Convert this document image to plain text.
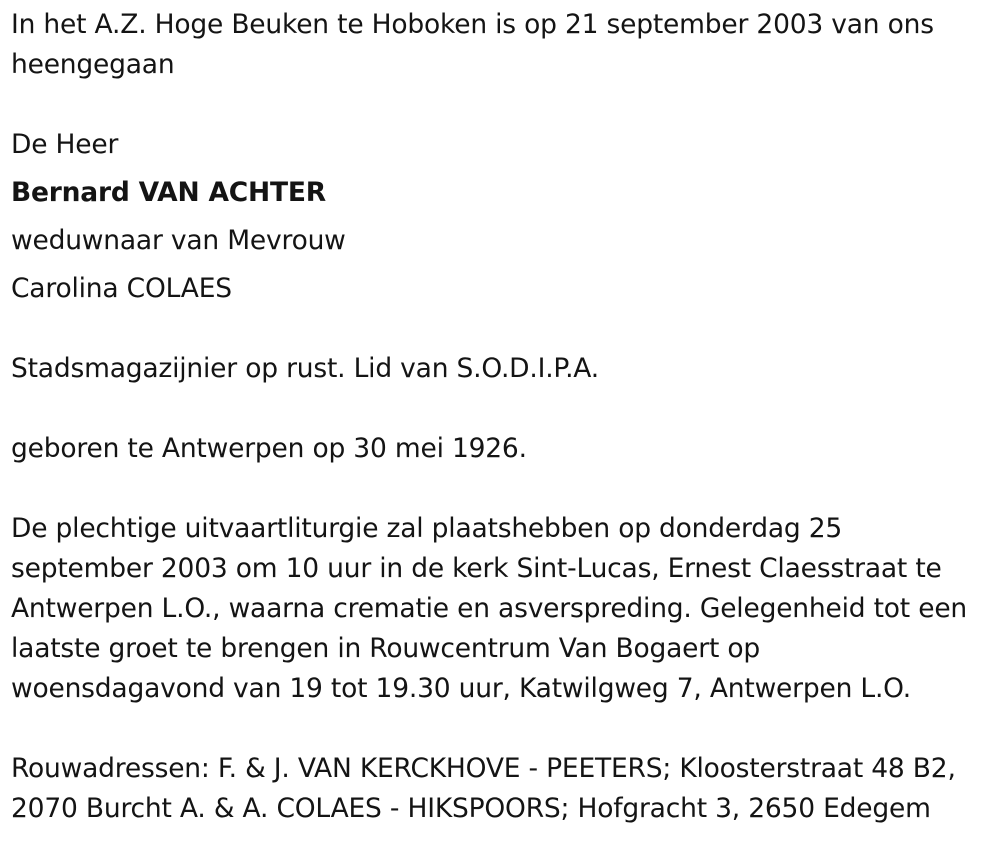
In het A.Z. Hoge Beuken te Hoboken is op 21 september 2003 van ons
heengegaan

De Heer

Bernard VAN ACHTER

weduwnaar van Mevrouw

Carolina COLAES

Stadsmagazijnier op rust. Lid van S.O.D.I.P.A.

geboren te Antwerpen op 30 mei 1926.

De plechtige uitvaartliturgie zal plaatshebben op donderdag 25
september 2003 om 10 uur in de kerk Sint-Lucas, Ernest Claesstraat te
Antwerpen L.O., waarna crematie en asverspreding. Gelegenheid tot een
laatste groet te brengen in Rouwcentrum Van Bogaert op
woensdagavond van 19 tot 19.30 uur, Katwilgweg 7, Antwerpen L.O.

Rouwadressen: F. & J. VAN KERCKHOVE - PEETERS; Kloosterstraat 48 B2,
2070 Burcht A. & A. COLAES - HIKSPOORS; Hofgracht 3, 2650 Edegem
